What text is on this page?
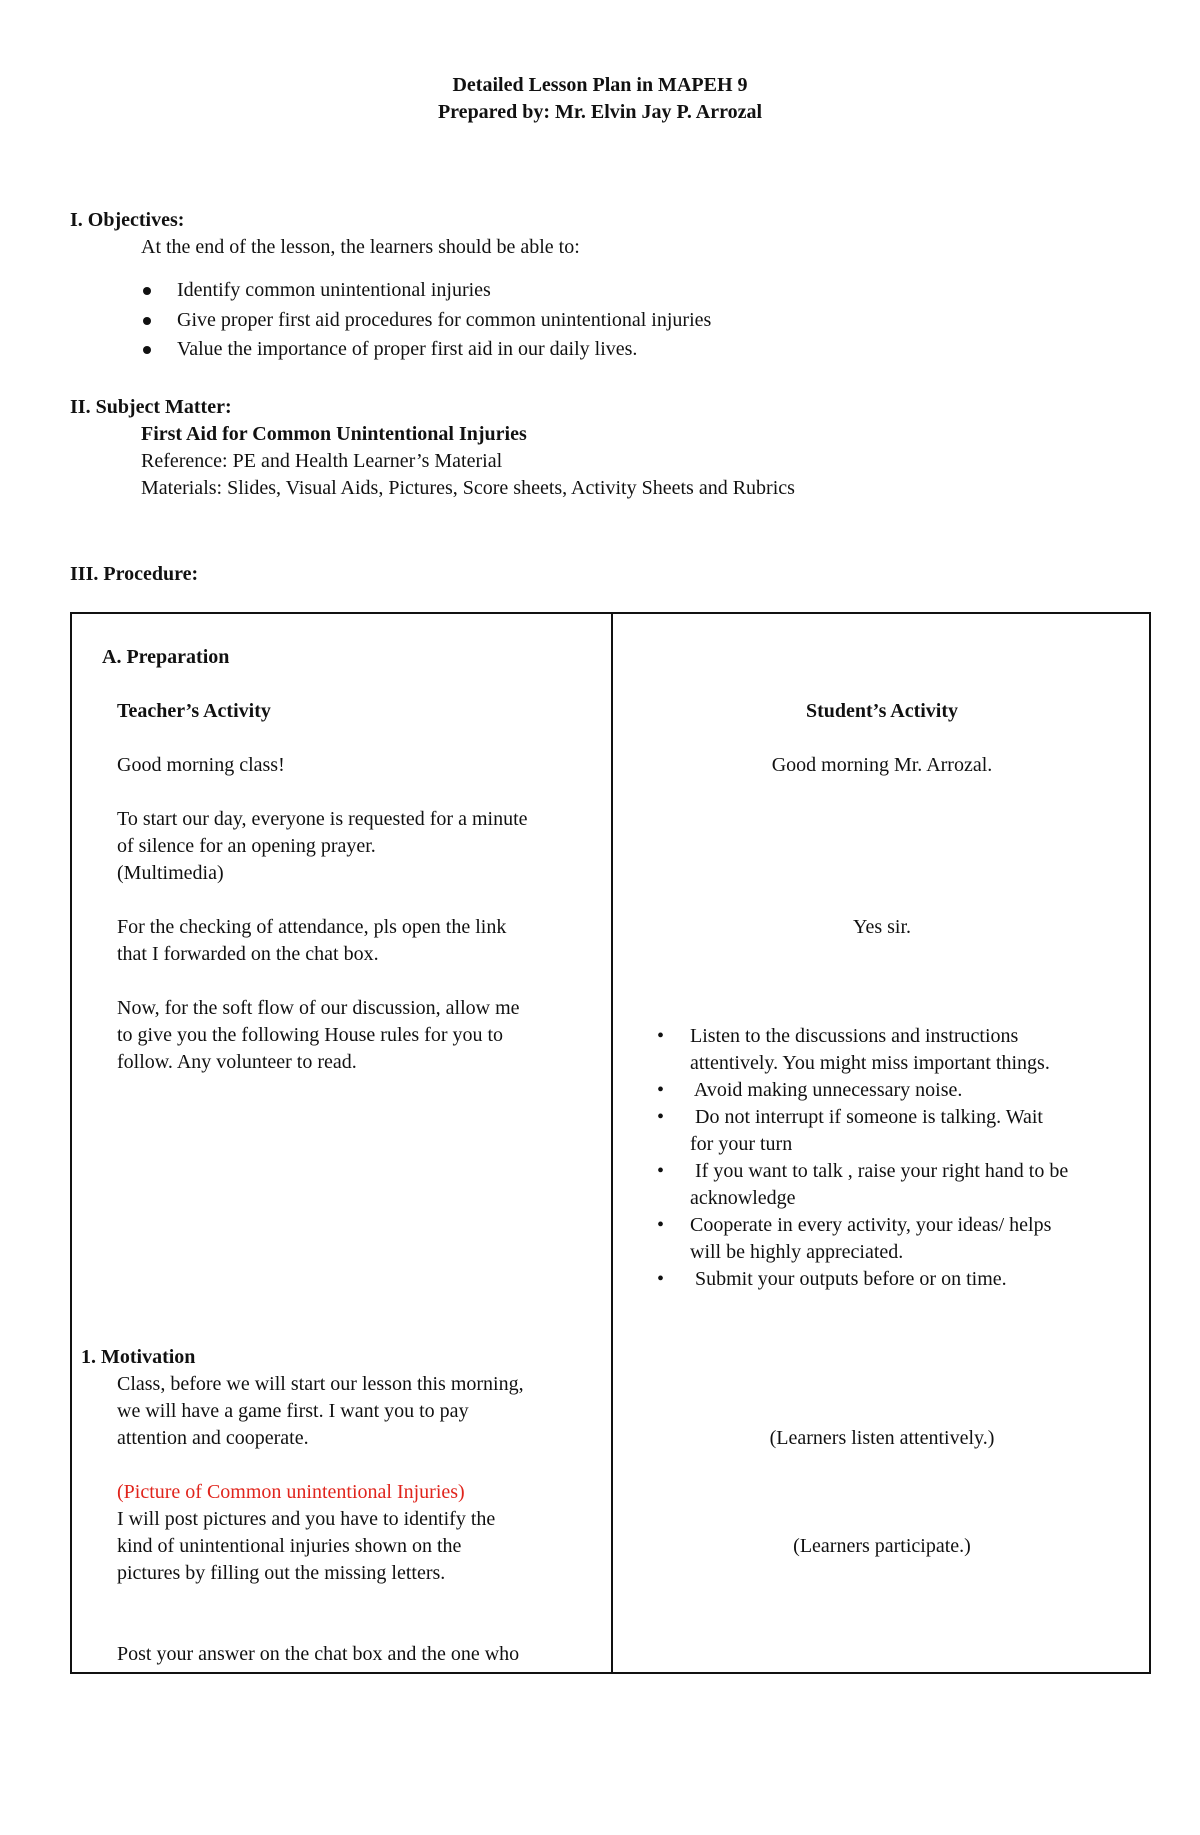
Detailed Lesson Plan in MAPEH 9
Prepared by: Mr. Elvin Jay P. Arrozal
I. Objectives:
At the end of the lesson, the learners should be able to:
Identify common unintentional injuries
Give proper first aid procedures for common unintentional injuries
Value the importance of proper first aid in our daily lives.
II. Subject Matter:
First Aid for Common Unintentional Injuries
Reference: PE and Health Learner’s Material
Materials: Slides, Visual Aids, Pictures, Score sheets, Activity Sheets and Rubrics
III. Procedure:
A. Preparation
Teacher’s Activity
Good morning class!
To start our day, everyone is requested for a minute
of silence for an opening prayer.
(Multimedia)
For the checking of attendance, pls open the link
that I forwarded on the chat box.
Now, for the soft flow of our discussion, allow me
to give you the following House rules for you to
follow. Any volunteer to read.
1. Motivation
Class, before we will start our lesson this morning,
we will have a game first. I want you to pay
attention and cooperate.
(Picture of Common unintentional Injuries)
I will post pictures and you have to identify the
kind of unintentional injuries shown on the
pictures by filling out the missing letters.
Post your answer on the chat box and the one who
Student’s Activity
Good morning Mr. Arrozal.
Yes sir.
• Listen to the discussions and instructions
attentively. You might miss important things.
• Avoid making unnecessary noise.
• Do not interrupt if someone is talking. Wait
for your turn
• If you want to talk , raise your right hand to be
acknowledge
• Cooperate in every activity, your ideas/ helps
will be highly appreciated.
• Submit your outputs before or on time.
(Learners listen attentively.)
(Learners participate.)
